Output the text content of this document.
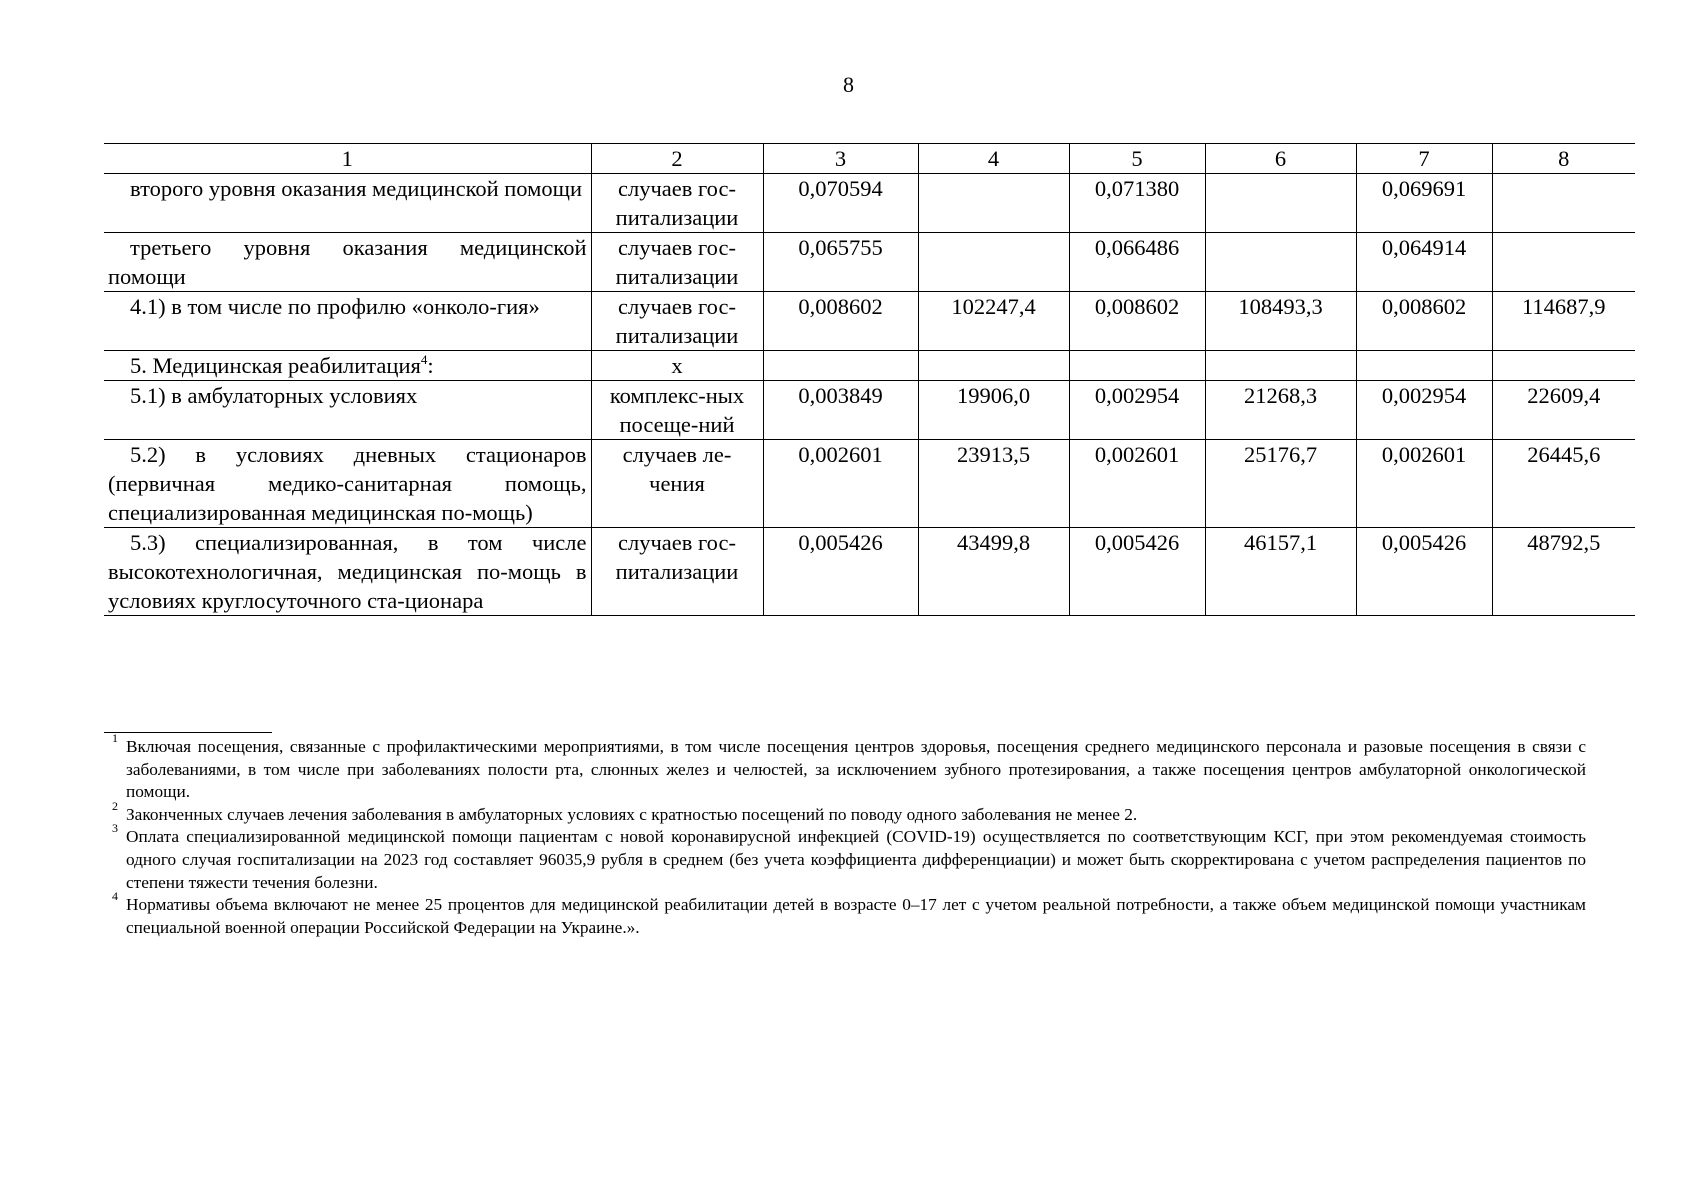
8
1	2	3	4	5	6	7	8
второго уровня оказания медицинской помощи	случаев гос-питализации	0,070594		0,071380		0,069691	
третьего уровня оказания медицинской помощи	случаев гос-питализации	0,065755		0,066486		0,064914	
4.1) в том числе по профилю «онколо-гия»	случаев гос-питализации	0,008602	102247,4	0,008602	108493,3	0,008602	114687,9
5. Медицинская реабилитация$^4$:	х						
5.1) в амбулаторных условиях	комплекс-ных посеще-ний	0,003849	19906,0	0,002954	21268,3	0,002954	22609,4
5.2) в условиях дневных стационаров (первичная медико-санитарная помощь, специализированная медицинская по-мощь)	случаев ле-чения	0,002601	23913,5	0,002601	25176,7	0,002601	26445,6
5.3) специализированная, в том числе высокотехнологичная, медицинская по-мощь в условиях круглосуточного ста-ционара	случаев гос-питализации	0,005426	43499,8	0,005426	46157,1	0,005426	48792,5
1 Включая посещения, связанные с профилактическими мероприятиями, в том числе посещения центров здоровья, посещения среднего медицинского персонала и разовые посещения в связи с заболеваниями, в том числе при заболеваниях полости рта, слюнных желез и челюстей, за исключением зубного протезирования, а также посещения центров амбулаторной онкологической помощи.
2 Законченных случаев лечения заболевания в амбулаторных условиях с кратностью посещений по поводу одного заболевания не менее 2.
3 Оплата специализированной медицинской помощи пациентам с новой коронавирусной инфекцией (COVID-19) осуществляется по соответствующим КСГ, при этом рекомендуемая стоимость одного случая госпитализации на 2023 год составляет 96035,9 рубля в среднем (без учета коэффициента дифференциации) и может быть скорректирована с учетом распределения пациентов по степени тяжести течения болезни.
4 Нормативы объема включают не менее 25 процентов для медицинской реабилитации детей в возрасте 0–17 лет с учетом реальной потребности, а также объем медицинской помощи участникам специальной военной операции Российской Федерации на Украине.».
